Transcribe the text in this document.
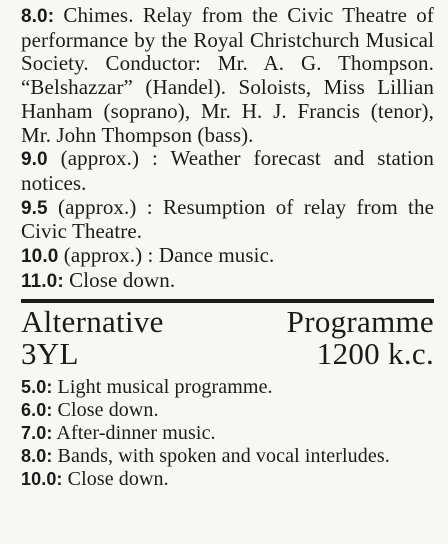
8.0: Chimes. Relay from the Civic Theatre of performance by the Royal Christchurch Musical Society. Conductor: Mr. A. G. Thompson. “Belshazzar” (Handel). Soloists, Miss Lillian Hanham (soprano), Mr. H. J. Francis (tenor), Mr. John Thompson (bass).

9.0 (approx.) : Weather forecast and station notices.

9.5 (approx.) : Resumption of relay from the Civic Theatre.

10.0 (approx.) : Dance music.

11.0: Close down.

Alternative	Programme
3YL	1200 k.c.

5.0: Light musical programme.

6.0: Close down.

7.0: After-dinner music.

8.0: Bands, with spoken and vocal interludes.

10.0: Close down.
